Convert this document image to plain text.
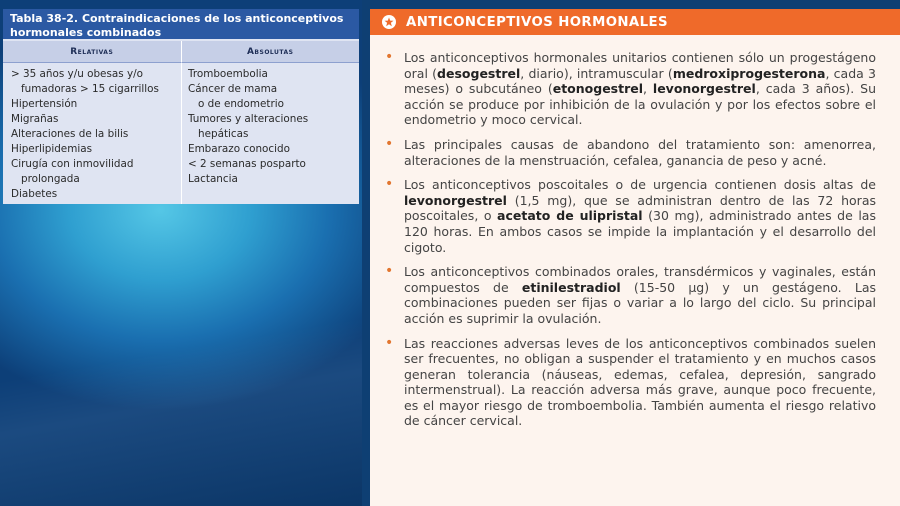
Tabla 38-2. Contraindicaciones de los anticonceptivos
hormonales combinados
Relativas	Absolutas
> 35 años y/u obesas y/o
fumadoras > 15 cigarrillos
Hipertensión
Migrañas
Alteraciones de la bilis
Hiperlipidemias
Cirugía con inmovilidad
prolongada
Diabetes
Tromboembolia
Cáncer de mama
o de endometrio
Tumores y alteraciones
hepáticas
Embarazo conocido
< 2 semanas posparto
Lactancia
ANTICONCEPTIVOS HORMONALES
• Los anticonceptivos hormonales unitarios contienen sólo un progestágeno oral (desogestrel, diario), intramuscular (medroxiprogesterona, cada 3 meses) o subcutáneo (etonogestrel, levonorgestrel, cada 3 años). Su acción se produce por inhibición de la ovulación y por los efectos sobre el endometrio y moco cervical.
• Las principales causas de abandono del tratamiento son: amenorrea, alteraciones de la menstruación, cefalea, ganancia de peso y acné.
• Los anticonceptivos poscoitales o de urgencia contienen dosis altas de levonorgestrel (1,5 mg), que se administran dentro de las 72 horas poscoitales, o acetato de ulipristal (30 mg), administrado antes de las 120 horas. En ambos casos se impide la implantación y el desarrollo del cigoto.
• Los anticonceptivos combinados orales, transdérmicos y vaginales, están compuestos de etinilestradiol (15-50 μg) y un gestágeno. Las combinaciones pueden ser fijas o variar a lo largo del ciclo. Su principal acción es suprimir la ovulación.
• Las reacciones adversas leves de los anticonceptivos combinados suelen ser frecuentes, no obligan a suspender el tratamiento y en muchos casos generan tolerancia (náuseas, edemas, cefalea, depresión, sangrado intermenstrual). La reacción adversa más grave, aunque poco frecuente, es el mayor riesgo de tromboembolia. También aumenta el riesgo relativo de cáncer cervical.
